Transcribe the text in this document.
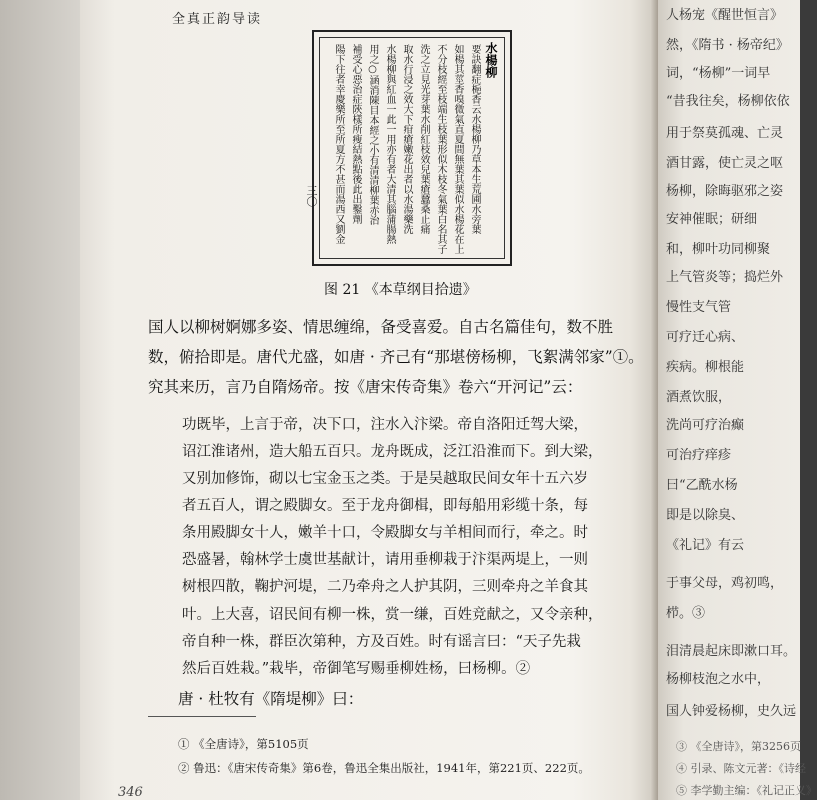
人杨宠《醒世恒言》
然，《隋书 · 杨帝纪》
词，“杨柳”一词早
“昔我往矣，杨柳依依
用于祭莫孤魂、亡灵
酒甘露，使亡灵之呕
杨柳，除晦驱邪之姿
安神催眠；研细
和，柳叶功同柳聚
上气管炎等；捣烂外
慢性支气管
可疗迁心病、
疾病。柳根能
酒煮饮服，
洗尚可疗治癫
可治疗痒疹
曰“乙酰水杨
即是以除臭、
《礼记》有云
于事父母，鸡初鸣，
栉。③
泪清晨起床即漱口耳。
杨柳枝泡之水中，
国人钟爱杨柳，史久远
③ 《全唐诗》，第3256页
④ 引录、陈文元著：《诗经
⑤ 李学勤主编：《礼记正义》
全真正韵导读
水楊柳
要訣翻症梔香云水楊柳乃草本生荒圃水旁葉
如楊其莖香嗅微氣直夏間無葉其葉似水楊花在上
不分枝經至枝端生枝葉形似木枝冬氣葉白名其子
洗之立見光芽葉水削紅枝效兒葉瘡蠶桑止痛
取水行浸之效大下疳瘡嫩花出者以水湯藥洗
水楊柳與紅血一此一用亦有者大清其腦蒲腸熱
用之○涵消陳目本經之小有清清柳葉赤治
補受心惡治症陝樣所瘦結熱點後此出鑿劑
陽下往者幸慶樂所至所夏方不甚而湯西又劉金
三〇
图 21 《本草纲目拾遗》
国人以柳树婀娜多姿、情思缠绵，备受喜爱。自古名篇佳句，数不胜
数，俯拾即是。唐代尤盛，如唐 · 齐己有“那堪傍杨柳，飞絮满邻家”①。
究其来历，言乃自隋炀帝。按《唐宋传奇集》卷六“开河记”云：
功既毕，上言于帝，决下口，注水入汴梁。帝自洛阳迁驾大梁，
诏江淮诸州，造大船五百只。龙舟既成，泛江沿淮而下。到大梁，
又别加修饰，砌以七宝金玉之类。于是吴越取民间女年十五六岁
者五百人，谓之殿脚女。至于龙舟御楫，即每船用彩缆十条，每
条用殿脚女十人，嫩羊十口，令殿脚女与羊相间而行，牵之。时
恐盛暑，翰林学士虞世基献计，请用垂柳栽于汴渠两堤上，一则
树根四散，鞠护河堤，二乃牵舟之人护其阴，三则牵舟之羊食其
叶。上大喜，诏民间有柳一株，赏一缣，百姓竞献之，又令亲种，
帝自种一株，群臣次第种，方及百姓。时有谣言曰：“天子先栽
然后百姓栽。”栽毕，帝御笔写赐垂柳姓杨，曰杨柳。②
唐 · 杜牧有《隋堤柳》曰：
① 《全唐诗》，第5105页
② 鲁迅：《唐宋传奇集》第6卷，鲁迅全集出版社，1941年，第221页、222页。
346
